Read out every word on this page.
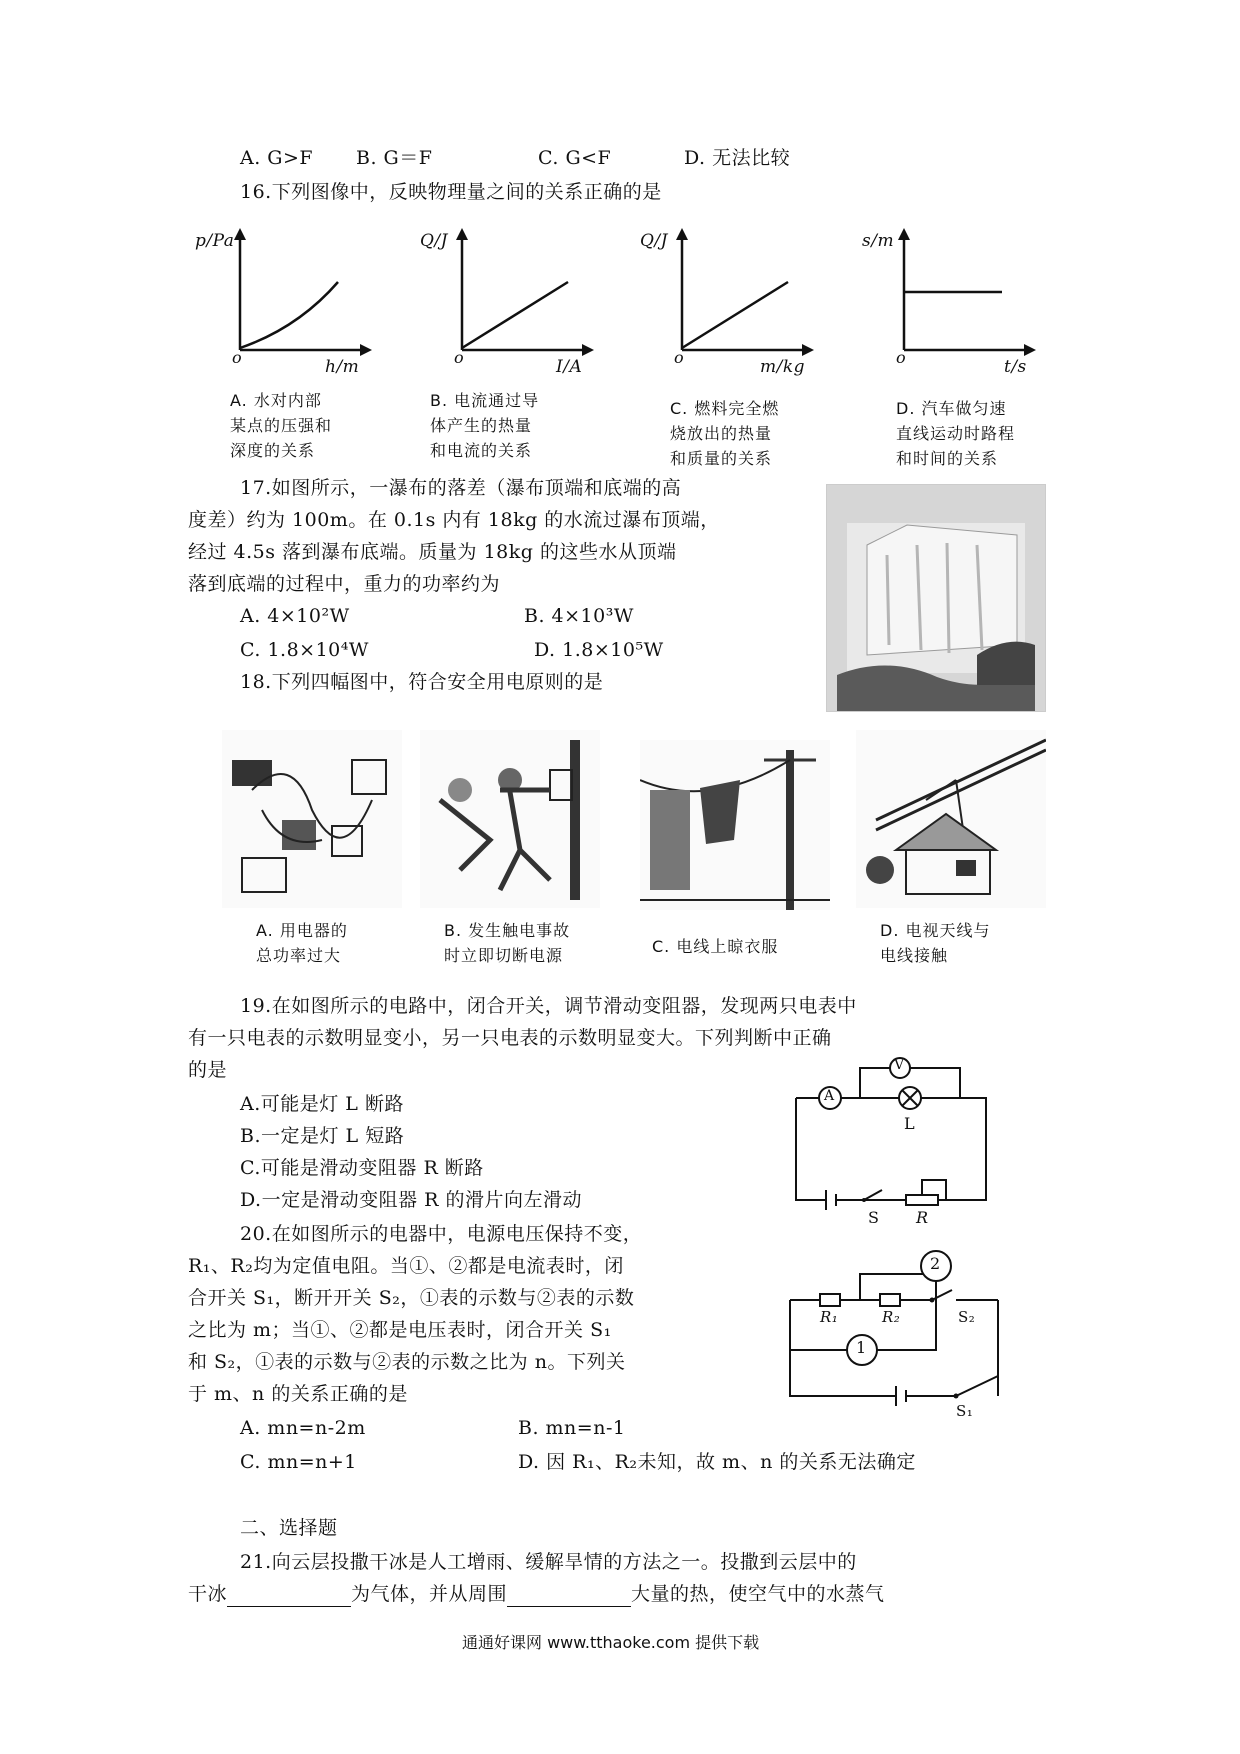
A. G>F B. G＝F	C. G<F	D. 无法比较
16.下列图像中，反映物理量之间的关系正确的是
p/Pa
h/m
o
A. 水对内部
某点的压强和
深度的关系
Q/J
I/A
o
B. 电流通过导
体产生的热量
和电流的关系
Q/J
m/kg
o
C. 燃料完全燃
烧放出的热量
和质量的关系
s/m
t/s
o
D. 汽车做匀速
直线运动时路程
和时间的关系
17.如图所示，一瀑布的落差（瀑布顶端和底端的高
度差）约为 100m。在 0.1s 内有 18kg 的水流过瀑布顶端，
经过 4.5s 落到瀑布底端。质量为 18kg 的这些水从顶端
落到底端的过程中，重力的功率约为
A. 4×10²W	B. 4×10³W
C. 1.8×10⁴W	D. 1.8×10⁵W
18.下列四幅图中，符合安全用电原则的是
A. 用电器的
总功率过大
B. 发生触电事故
时立即切断电源	C. 电线上晾衣服
D. 电视天线与
电线接触
19.在如图所示的电路中，闭合开关，调节滑动变阻器，发现两只电表中
有一只电表的示数明显变小，另一只电表的示数明显变大。下列判断中正确
的是
A.可能是灯 L 断路
B.一定是灯 L 短路
C.可能是滑动变阻器 R 断路
D.一定是滑动变阻器 R 的滑片向左滑动
V
A
L
S R
20.在如图所示的电器中，电源电压保持不变，
R₁、R₂均为定值电阻。当①、②都是电流表时，闭
合开关 S₁，断开开关 S₂，①表的示数与②表的示数
之比为 m；当①、②都是电压表时，闭合开关 S₁
和 S₂，①表的示数与②表的示数之比为 n。下列关
于 m、n 的关系正确的是
A. mn=n-2m	B. mn=n-1
C. mn=n+1	D. 因 R₁、R₂未知，故 m、n 的关系无法确定
2
1
R₁	R₂	S₂
S₁
二、选择题
21.向云层投撒干冰是人工增雨、缓解旱情的方法之一。投撒到云层中的
干冰	为气体，并从周围	大量的热，使空气中的水蒸气
通通好课网 www.tthaoke.com 提供下载
